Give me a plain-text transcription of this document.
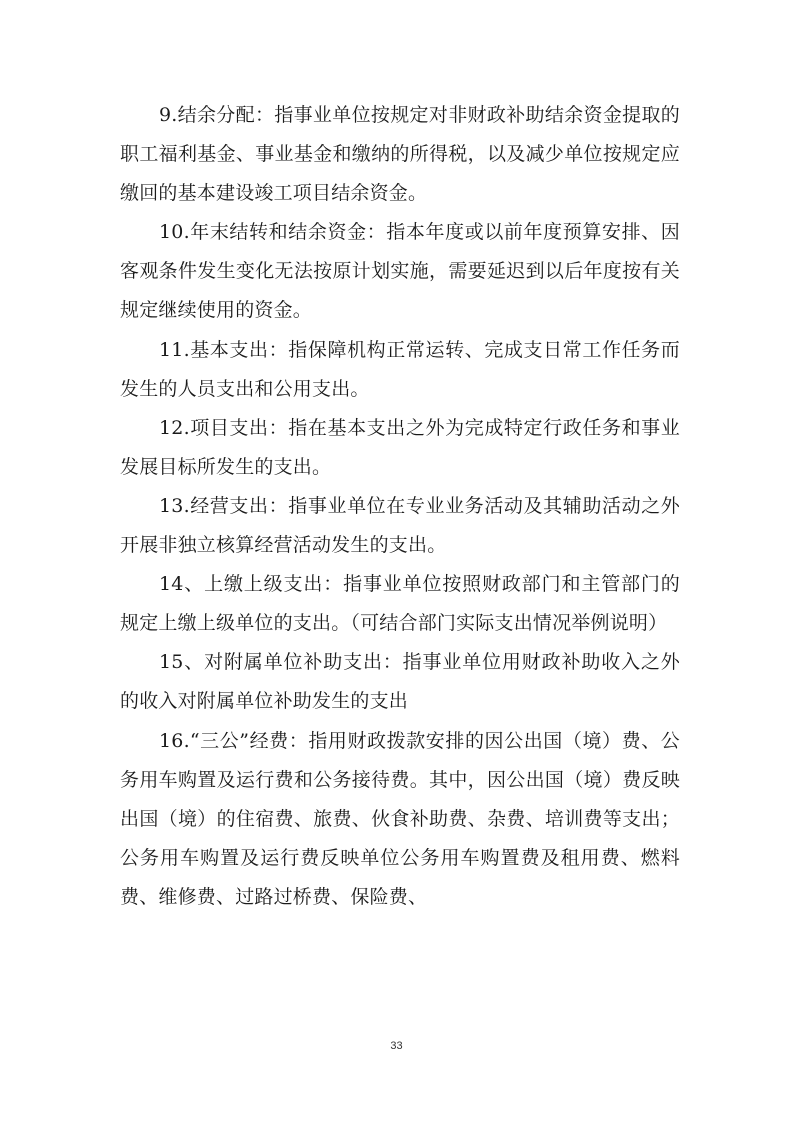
9.结余分配：指事业单位按规定对非财政补助结余资金提取的职工福利基金、事业基金和缴纳的所得税，以及减少单位按规定应缴回的基本建设竣工项目结余资金。

10.年末结转和结余资金：指本年度或以前年度预算安排、因客观条件发生变化无法按原计划实施，需要延迟到以后年度按有关规定继续使用的资金。

11.基本支出：指保障机构正常运转、完成支日常工作任务而发生的人员支出和公用支出。

12.项目支出：指在基本支出之外为完成特定行政任务和事业发展目标所发生的支出。

13.经营支出：指事业单位在专业业务活动及其辅助活动之外开展非独立核算经营活动发生的支出。

14、上缴上级支出：指事业单位按照财政部门和主管部门的规定上缴上级单位的支出。（可结合部门实际支出情况举例说明）

15、对附属单位补助支出：指事业单位用财政补助收入之外的收入对附属单位补助发生的支出

16.“三公”经费：指用财政拨款安排的因公出国（境）费、公务用车购置及运行费和公务接待费。其中，因公出国（境）费反映出国（境）的住宿费、旅费、伙食补助费、杂费、培训费等支出；公务用车购置及运行费反映单位公务用车购置费及租用费、燃料费、维修费、过路过桥费、保险费、

33
